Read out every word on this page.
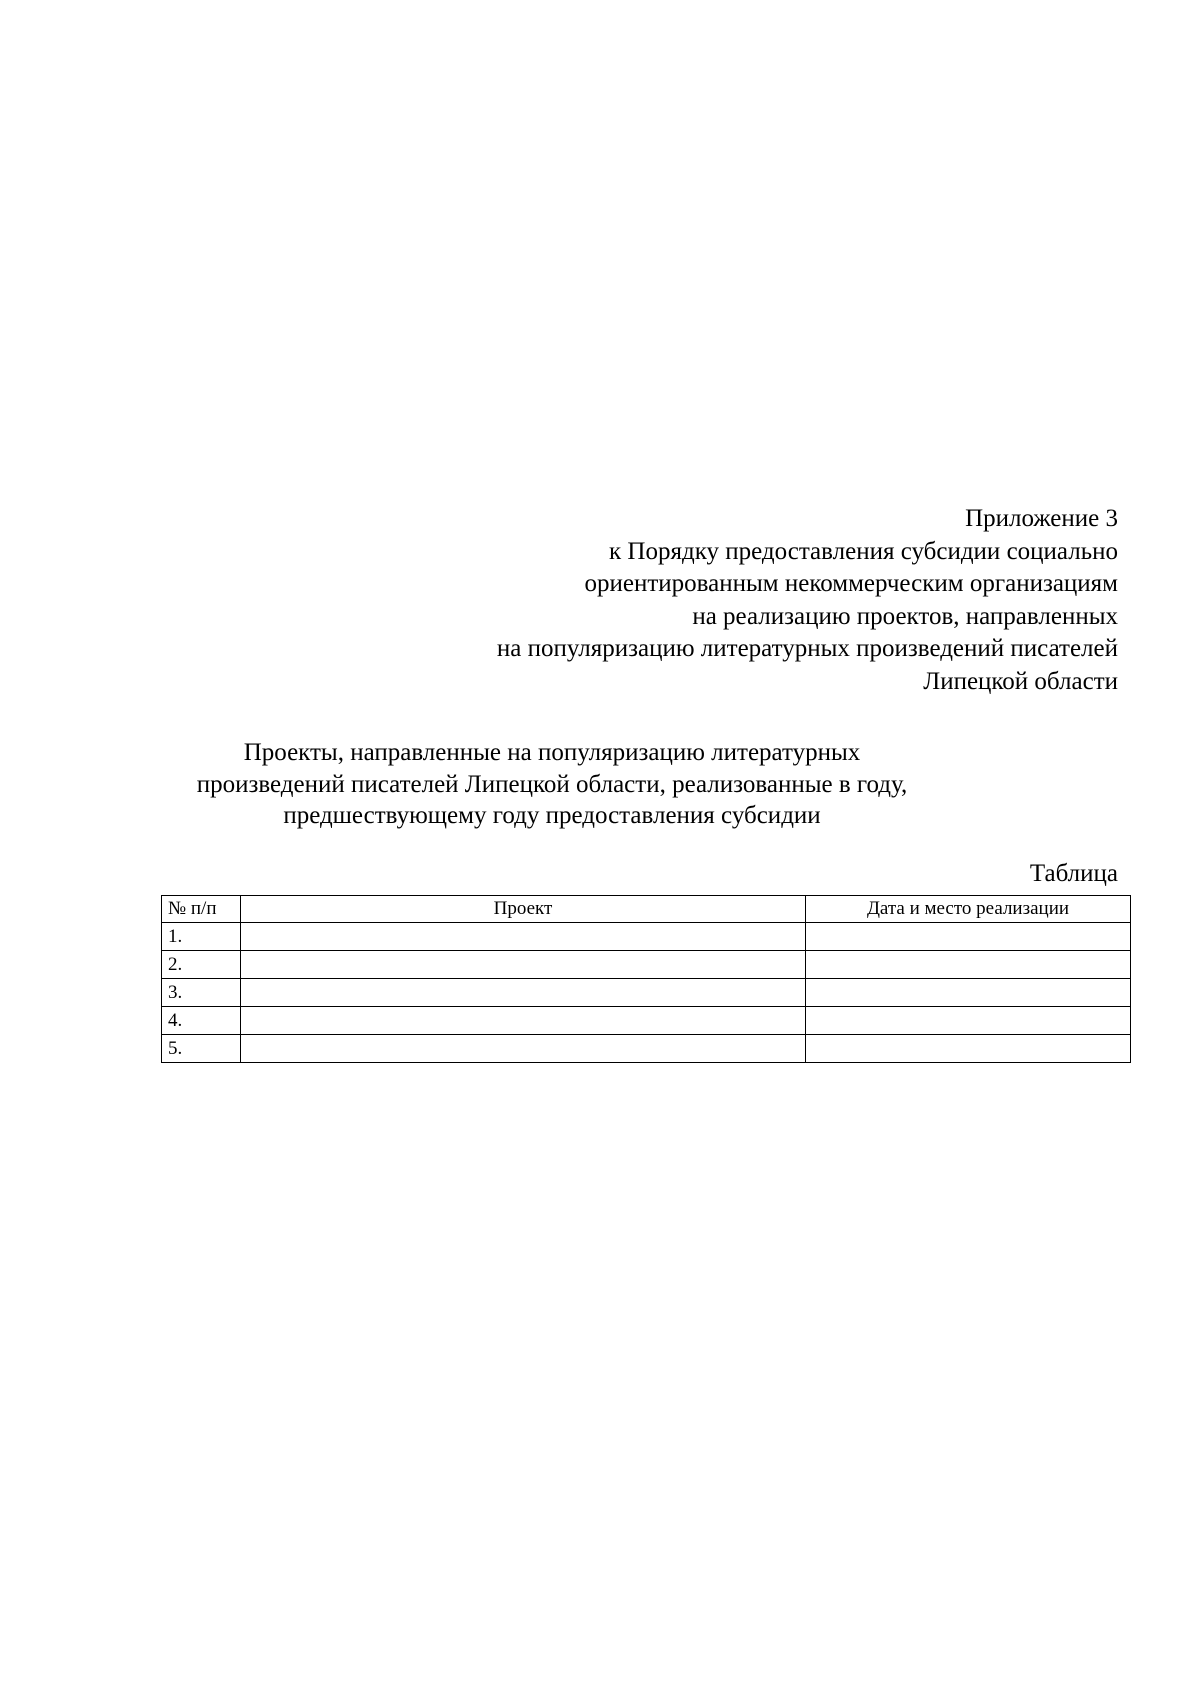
Приложение 3
к Порядку предоставления субсидии социально
ориентированным некоммерческим организациям
на реализацию проектов, направленных
на популяризацию литературных произведений писателей
Липецкой области
Проекты, направленные на популяризацию литературных
произведений писателей Липецкой области, реализованные в году,
предшествующему году предоставления субсидии
Таблица
№ п/п	Проект	Дата и место реализации
1.		
2.		
3.		
4.		
5.		
